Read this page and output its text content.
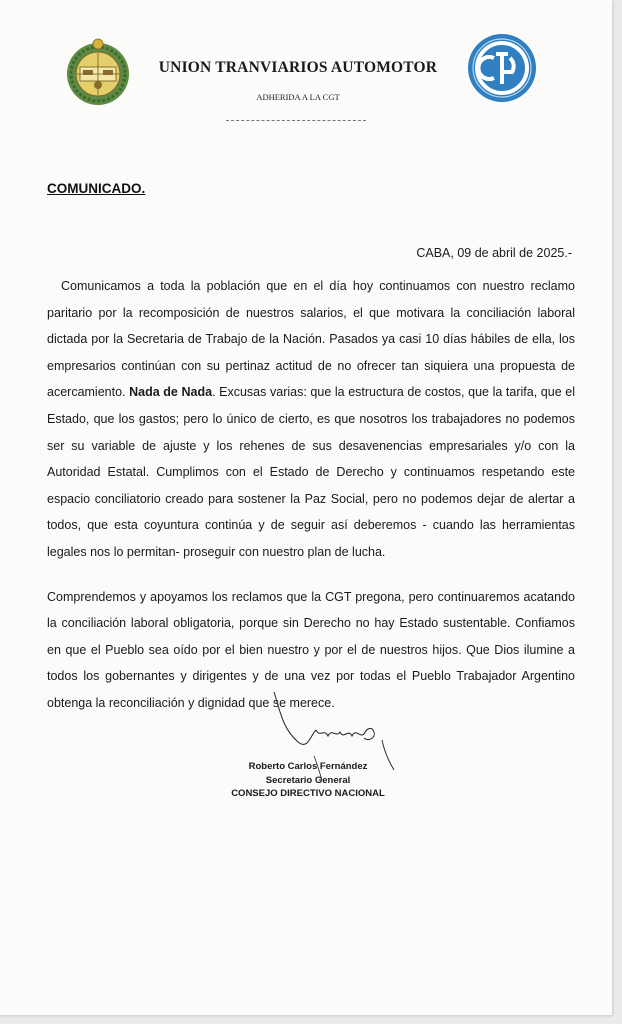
UNION TRANVIARIOS AUTOMOTOR
ADHERIDA A LA CGT
COMUNICADO.
CABA, 09 de abril de 2025.-

Comunicamos a toda la población que en el día hoy continuamos con nuestro reclamo paritario por la recomposición de nuestros salarios, el que motivara la conciliación laboral dictada por la Secretaria de Trabajo de la Nación. Pasados ya casi 10 días hábiles de ella, los empresarios continúan con su pertinaz actitud de no ofrecer tan siquiera una propuesta de acercamiento. Nada de Nada. Excusas varias: que la estructura de costos, que la tarifa, que el Estado, que los gastos; pero lo único de cierto, es que nosotros los trabajadores no podemos ser su variable de ajuste y los rehenes de sus desavenencias empresariales y/o con la Autoridad Estatal. Cumplimos con el Estado de Derecho y continuamos respetando este espacio conciliatorio creado para sostener la Paz Social, pero no podemos dejar de alertar a todos, que esta coyuntura continúa y de seguir así deberemos - cuando las herramientas legales nos lo permitan- proseguir con nuestro plan de lucha.

Comprendemos y apoyamos los reclamos que la CGT pregona, pero continuaremos acatando la conciliación laboral obligatoria, porque sin Derecho no hay Estado sustentable. Confiamos en que el Pueblo sea oído por el bien nuestro y por el de nuestros hijos. Que Dios ilumine a todos los gobernantes y dirigentes y de una vez por todas el Pueblo Trabajador Argentino obtenga la reconciliación y dignidad que se merece.

Roberto Carlos Fernández
Secretario General
CONSEJO DIRECTIVO NACIONAL
